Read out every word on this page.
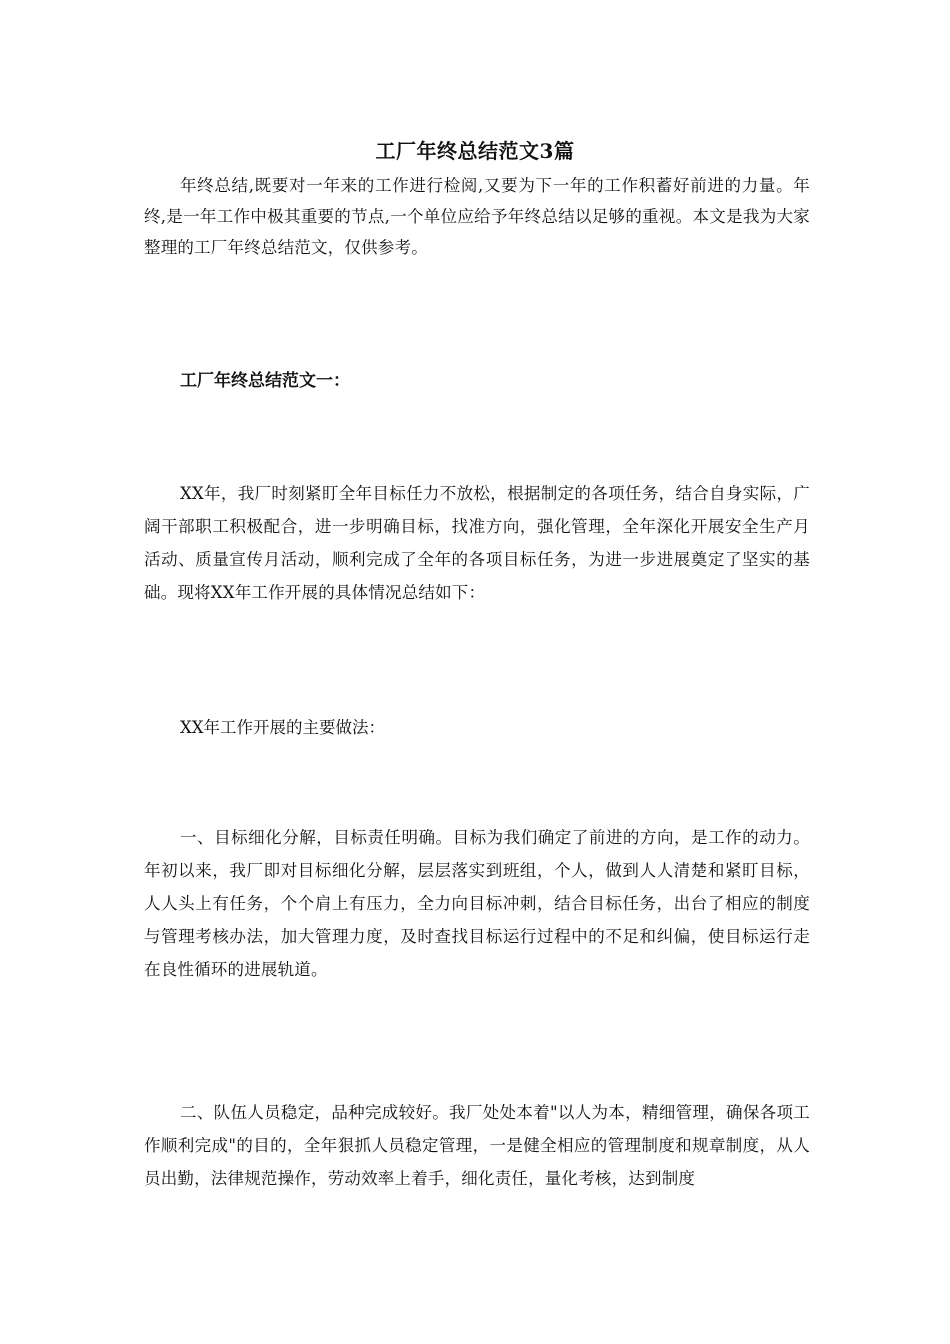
工厂年终总结范文3篇

年终总结,既要对一年来的工作进行检阅,又要为下一年的工作积蓄好前进的力量。年终,是一年工作中极其重要的节点,一个单位应给予年终总结以足够的重视。本文是我为大家整理的工厂年终总结范文，仅供参考。

工厂年终总结范文一：

XX年，我厂时刻紧盯全年目标任力不放松，根据制定的各项任务，结合自身实际，广阔干部职工积极配合，进一步明确目标，找准方向，强化管理，全年深化开展安全生产月活动、质量宣传月活动，顺利完成了全年的各项目标任务，为进一步进展奠定了坚实的基础。现将XX年工作开展的具体情况总结如下：

XX年工作开展的主要做法：

一、目标细化分解，目标责任明确。目标为我们确定了前进的方向，是工作的动力。年初以来，我厂即对目标细化分解，层层落实到班组，个人，做到人人清楚和紧盯目标，人人头上有任务，个个肩上有压力，全力向目标冲刺，结合目标任务，出台了相应的制度与管理考核办法，加大管理力度，及时查找目标运行过程中的不足和纠偏，使目标运行走在良性循环的进展轨道。

二、队伍人员稳定，品种完成较好。我厂处处本着"以人为本，精细管理，确保各项工作顺利完成"的目的，全年狠抓人员稳定管理，一是健全相应的管理制度和规章制度，从人员出勤，法律规范操作，劳动效率上着手，细化责任，量化考核，达到制度
